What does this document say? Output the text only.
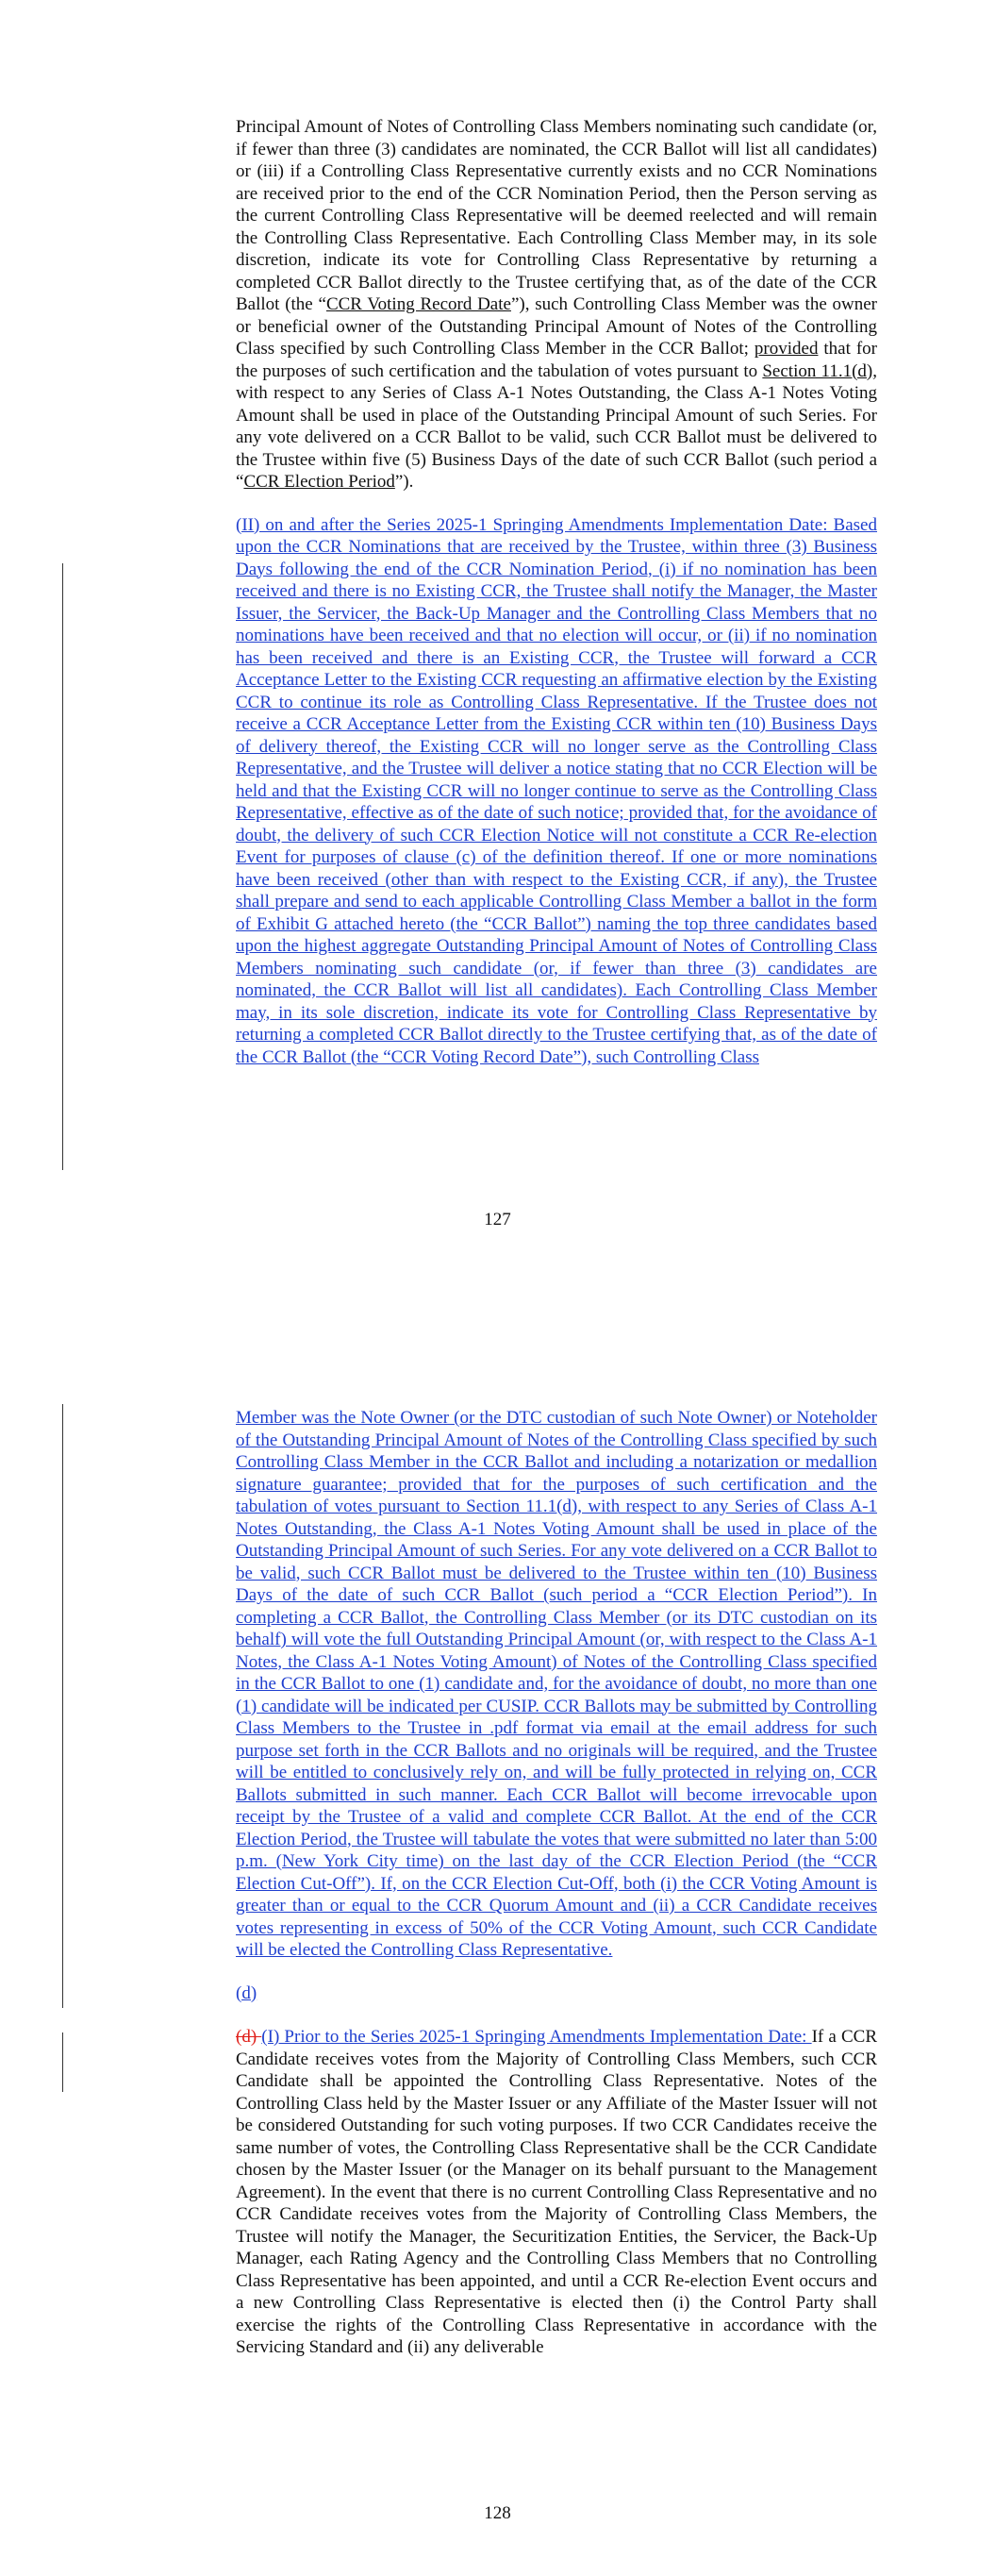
Principal Amount of Notes of Controlling Class Members nominating such candidate (or, if fewer than three (3) candidates are nominated, the CCR Ballot will list all candidates) or (iii) if a Controlling Class Representative currently exists and no CCR Nominations are received prior to the end of the CCR Nomination Period, then the Person serving as the current Controlling Class Representative will be deemed reelected and will remain the Controlling Class Representative. Each Controlling Class Member may, in its sole discretion, indicate its vote for Controlling Class Representative by returning a completed CCR Ballot directly to the Trustee certifying that, as of the date of the CCR Ballot (the “CCR Voting Record Date”), such Controlling Class Member was the owner or beneficial owner of the Outstanding Principal Amount of Notes of the Controlling Class specified by such Controlling Class Member in the CCR Ballot; provided that for the purposes of such certification and the tabulation of votes pursuant to Section 11.1(d), with respect to any Series of Class A-1 Notes Outstanding, the Class A-1 Notes Voting Amount shall be used in place of the Outstanding Principal Amount of such Series. For any vote delivered on a CCR Ballot to be valid, such CCR Ballot must be delivered to the Trustee within five (5) Business Days of the date of such CCR Ballot (such period a “CCR Election Period”).

(II) on and after the Series 2025-1 Springing Amendments Implementation Date: Based upon the CCR Nominations that are received by the Trustee, within three (3) Business Days following the end of the CCR Nomination Period, (i) if no nomination has been received and there is no Existing CCR, the Trustee shall notify the Manager, the Master Issuer, the Servicer, the Back-Up Manager and the Controlling Class Members that no nominations have been received and that no election will occur, or (ii) if no nomination has been received and there is an Existing CCR, the Trustee will forward a CCR Acceptance Letter to the Existing CCR requesting an affirmative election by the Existing CCR to continue its role as Controlling Class Representative. If the Trustee does not receive a CCR Acceptance Letter from the Existing CCR within ten (10) Business Days of delivery thereof, the Existing CCR will no longer serve as the Controlling Class Representative, and the Trustee will deliver a notice stating that no CCR Election will be held and that the Existing CCR will no longer continue to serve as the Controlling Class Representative, effective as of the date of such notice; provided that, for the avoidance of doubt, the delivery of such CCR Election Notice will not constitute a CCR Re-election Event for purposes of clause (c) of the definition thereof. If one or more nominations have been received (other than with respect to the Existing CCR, if any), the Trustee shall prepare and send to each applicable Controlling Class Member a ballot in the form of Exhibit G attached hereto (the “CCR Ballot”) naming the top three candidates based upon the highest aggregate Outstanding Principal Amount of Notes of Controlling Class Members nominating such candidate (or, if fewer than three (3) candidates are nominated, the CCR Ballot will list all candidates). Each Controlling Class Member may, in its sole discretion, indicate its vote for Controlling Class Representative by returning a completed CCR Ballot directly to the Trustee certifying that, as of the date of the CCR Ballot (the “CCR Voting Record Date”), such Controlling Class

127

Member was the Note Owner (or the DTC custodian of such Note Owner) or Noteholder of the Outstanding Principal Amount of Notes of the Controlling Class specified by such Controlling Class Member in the CCR Ballot and including a notarization or medallion signature guarantee; provided that for the purposes of such certification and the tabulation of votes pursuant to Section 11.1(d), with respect to any Series of Class A-1 Notes Outstanding, the Class A-1 Notes Voting Amount shall be used in place of the Outstanding Principal Amount of such Series. For any vote delivered on a CCR Ballot to be valid, such CCR Ballot must be delivered to the Trustee within ten (10) Business Days of the date of such CCR Ballot (such period a “CCR Election Period”). In completing a CCR Ballot, the Controlling Class Member (or its DTC custodian on its behalf) will vote the full Outstanding Principal Amount (or, with respect to the Class A-1 Notes, the Class A-1 Notes Voting Amount) of Notes of the Controlling Class specified in the CCR Ballot to one (1) candidate and, for the avoidance of doubt, no more than one (1) candidate will be indicated per CUSIP. CCR Ballots may be submitted by Controlling Class Members to the Trustee in .pdf format via email at the email address for such purpose set forth in the CCR Ballots and no originals will be required, and the Trustee will be entitled to conclusively rely on, and will be fully protected in relying on, CCR Ballots submitted in such manner. Each CCR Ballot will become irrevocable upon receipt by the Trustee of a valid and complete CCR Ballot. At the end of the CCR Election Period, the Trustee will tabulate the votes that were submitted no later than 5:00 p.m. (New York City time) on the last day of the CCR Election Period (the “CCR Election Cut-Off”). If, on the CCR Election Cut-Off, both (i) the CCR Voting Amount is greater than or equal to the CCR Quorum Amount and (ii) a CCR Candidate receives votes representing in excess of 50% of the CCR Voting Amount, such CCR Candidate will be elected the Controlling Class Representative.

(d)

(d) (I) Prior to the Series 2025-1 Springing Amendments Implementation Date: If a CCR Candidate receives votes from the Majority of Controlling Class Members, such CCR Candidate shall be appointed the Controlling Class Representative. Notes of the Controlling Class held by the Master Issuer or any Affiliate of the Master Issuer will not be considered Outstanding for such voting purposes. If two CCR Candidates receive the same number of votes, the Controlling Class Representative shall be the CCR Candidate chosen by the Master Issuer (or the Manager on its behalf pursuant to the Management Agreement). In the event that there is no current Controlling Class Representative and no CCR Candidate receives votes from the Majority of Controlling Class Members, the Trustee will notify the Manager, the Securitization Entities, the Servicer, the Back-Up Manager, each Rating Agency and the Controlling Class Members that no Controlling Class Representative has been appointed, and until a CCR Re-election Event occurs and a new Controlling Class Representative is elected then (i) the Control Party shall exercise the rights of the Controlling Class Representative in accordance with the Servicing Standard and (ii) any deliverable

128
